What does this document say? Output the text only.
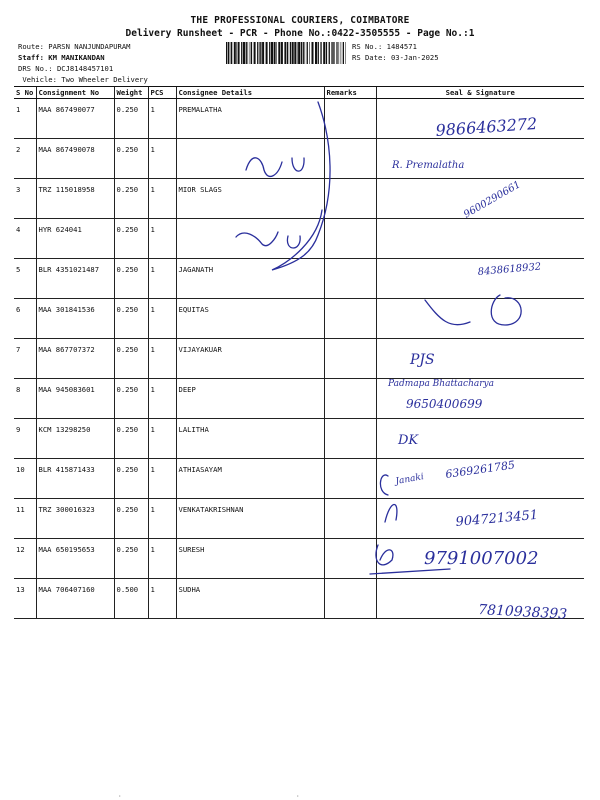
THE PROFESSIONAL COURIERS, COIMBATORE
Delivery Runsheet - PCR - Phone No.:0422-3505555 - Page No.:1
Route: PARSN NANJUNDAPURAM
Staff: KM MANIKANDAN
DRS No.: DCJ8148457101
Vehicle: Two Wheeler Delivery
RS No.: 1484571
RS Date: 03-Jan-2025
S No	Consignment No	Weight	PCS	Consignee Details	Remarks	Seal & Signature
1	MAA 867490077	0.250	1	PREMALATHA		
2	MAA 867490078	0.250	1			
3	TRZ 115018958	0.250	1	MIOR SLAGS		
4	HYR 624041	0.250	1			
5	BLR 4351021487	0.250	1	JAGANATH		
6	MAA 301841536	0.250	1	EQUITAS		
7	MAA 867707372	0.250	1	VIJAYAKUAR		
8	MAA 945083601	0.250	1	DEEP		
9	KCM 13298250	0.250	1	LALITHA		
10	BLR 415871433	0.250	1	ATHIASAYAM		
11	TRZ 300016323	0.250	1	VENKATAKRISHNAN		
12	MAA 650195653	0.250	1	SURESH		
13	MAA 706407160	0.500	1	SUDHA		
9866463272
R. Premalatha
9600290661
8438618932
PJS
Padmapa Bhattacharya
9650400699
DK
Janaki 6369261785
9047213451
9791007002
7810938393
·	·
